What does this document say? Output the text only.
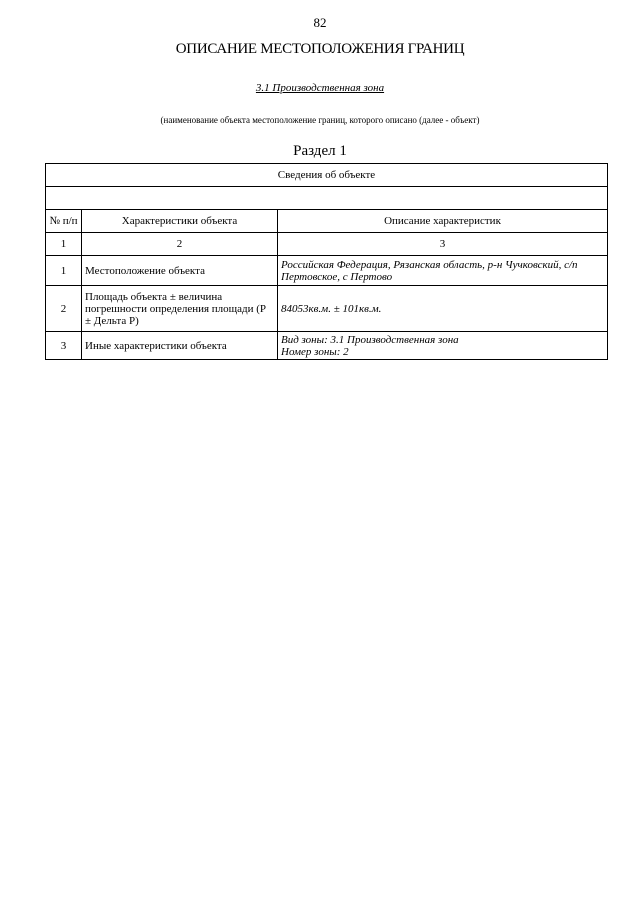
82
ОПИСАНИЕ МЕСТОПОЛОЖЕНИЯ ГРАНИЦ
3.1 Производственная зона
(наименование объекта местоположение границ, которого описано (далее - объект)
Раздел 1
Сведения об объекте		

№ п/п	Характеристики объекта	Описание характеристик
1	2	3
1	Местоположение объекта	Российская Федерация, Рязанская область, р-н Чучковский, с/п Пертовское, с Пертово
2	Площадь объекта ± величина погрешности определения площади (P ± Дельта P)	84053кв.м. ± 101кв.м.
3	Иные характеристики объекта	Вид зоны: 3.1 Производственная зона
Номер зоны: 2
